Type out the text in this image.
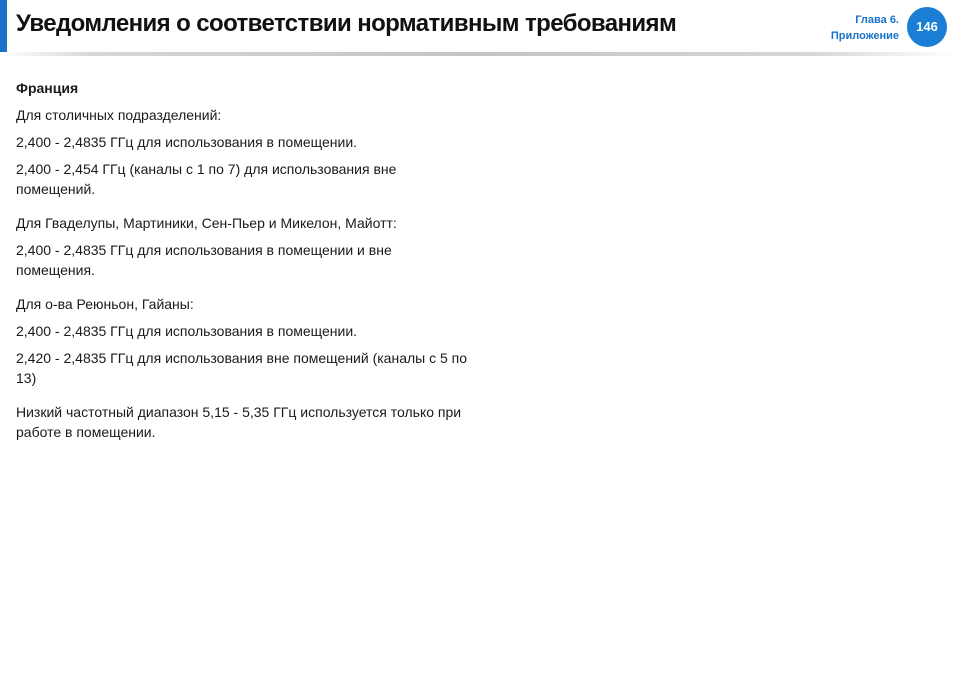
Уведомления о соответствии нормативным требованиям	Глава 6.
Приложение
146
Франция

Для столичных подразделений:

2,400 - 2,4835 ГГц для использования в помещении.

2,400 - 2,454 ГГц (каналы с 1 по 7) для использования вне помещений.

Для Гваделупы, Мартиники, Сен-Пьер и Микелон, Майотт:

2,400 - 2,4835 ГГц для использования в помещении и вне помещения.

Для о-ва Реюньон, Гайаны:

2,400 - 2,4835 ГГц для использования в помещении.

2,420 - 2,4835 ГГц для использования вне помещений (каналы с 5 по 13)

Низкий частотный диапазон 5,15 - 5,35 ГГц используется только при работе в помещении.
